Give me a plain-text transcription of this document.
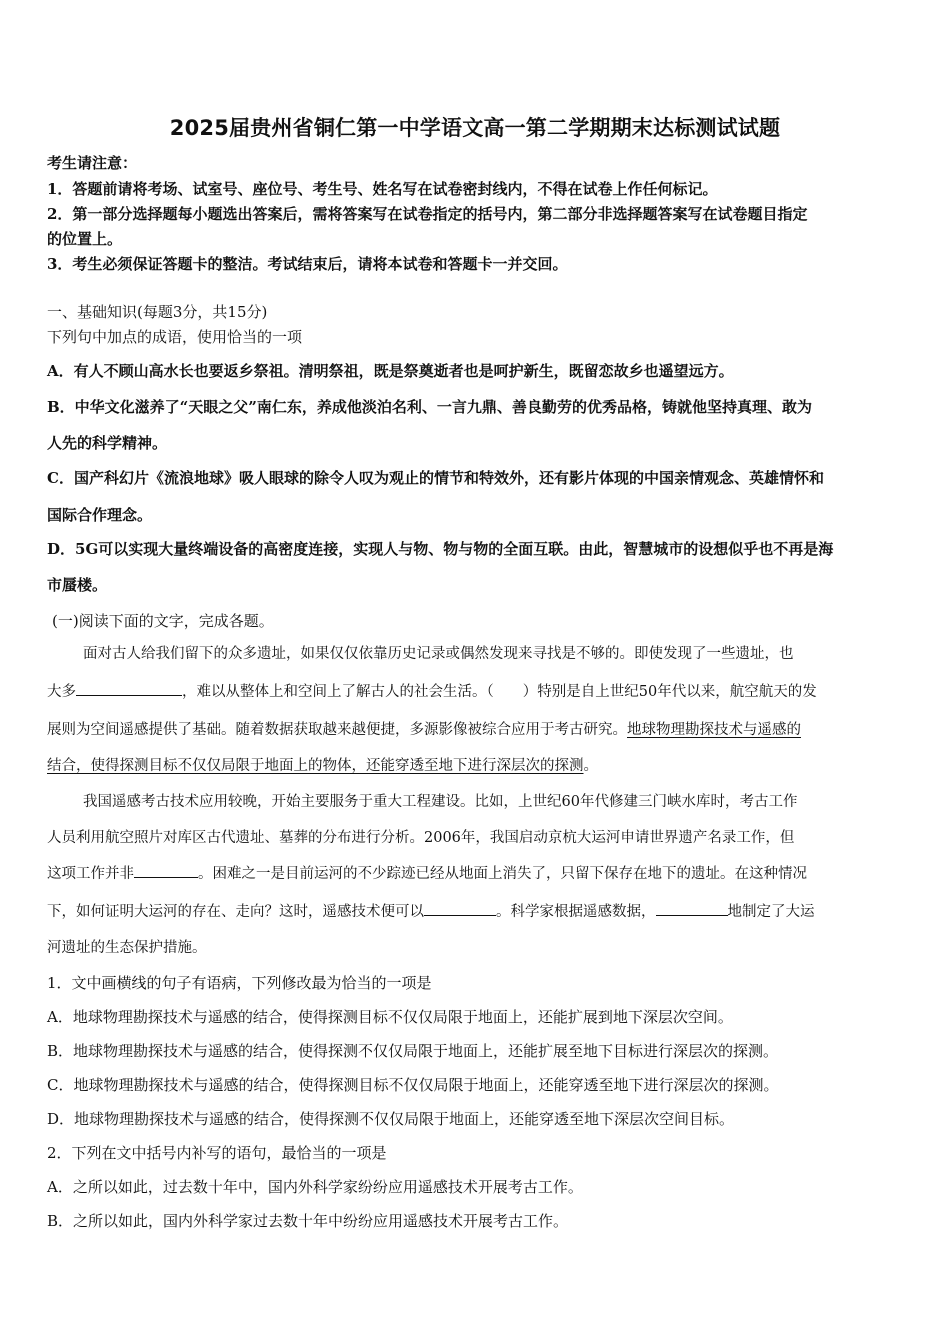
2025届贵州省铜仁第一中学语文高一第二学期期末达标测试试题
考生请注意：
1．答题前请将考场、试室号、座位号、考生号、姓名写在试卷密封线内，不得在试卷上作任何标记。
2．第一部分选择题每小题选出答案后，需将答案写在试卷指定的括号内，第二部分非选择题答案写在试卷题目指定
的位置上。
3．考生必须保证答题卡的整洁。考试结束后，请将本试卷和答题卡一并交回。
一、基础知识(每题3分，共15分)
下列句中加点的成语，使用恰当的一项
A．有人不顾山高水长也要返乡祭祖。清明祭祖，既是祭奠逝者也是呵护新生，既留恋故乡也遥望远方。
B．中华文化滋养了“天眼之父”南仁东，养成他淡泊名利、一言九鼎、善良勤劳的优秀品格，铸就他坚持真理、敢为
人先的科学精神。
C．国产科幻片《流浪地球》吸人眼球的除令人叹为观止的情节和特效外，还有影片体现的中国亲情观念、英雄情怀和
国际合作理念。
D．5G可以实现大量终端设备的高密度连接，实现人与物、物与物的全面互联。由此，智慧城市的设想似乎也不再是海
市蜃楼。
(一)阅读下面的文字，完成各题。
面对古人给我们留下的众多遗址，如果仅仅依靠历史记录或偶然发现来寻找是不够的。即使发现了一些遗址，也
大多	，难以从整体上和空间上了解古人的社会生活。（　　）特别是自上世纪50年代以来，航空航天的发
展则为空间遥感提供了基础。随着数据获取越来越便捷，多源影像被综合应用于考古研究。地球物理勘探技术与遥感的
结合，使得探测目标不仅仅局限于地面上的物体，还能穿透至地下进行深层次的探测。
我国遥感考古技术应用较晚，开始主要服务于重大工程建设。比如，上世纪60年代修建三门峡水库时，考古工作
人员利用航空照片对库区古代遗址、墓葬的分布进行分析。2006年，我国启动京杭大运河申请世界遗产名录工作，但
这项工作并非	。困难之一是目前运河的不少踪迹已经从地面上消失了，只留下保存在地下的遗址。在这种情况
下，如何证明大运河的存在、走向？这时，遥感技术便可以	。科学家根据遥感数据，	地制定了大运
河遗址的生态保护措施。
1．文中画横线的句子有语病，下列修改最为恰当的一项是
A．地球物理勘探技术与遥感的结合，使得探测目标不仅仅局限于地面上，还能扩展到地下深层次空间。
B．地球物理勘探技术与遥感的结合，使得探测不仅仅局限于地面上，还能扩展至地下目标进行深层次的探测。
C．地球物理勘探技术与遥感的结合，使得探测目标不仅仅局限于地面上，还能穿透至地下进行深层次的探测。
D．地球物理勘探技术与遥感的结合，使得探测不仅仅局限于地面上，还能穿透至地下深层次空间目标。
2．下列在文中括号内补写的语句，最恰当的一项是
A．之所以如此，过去数十年中，国内外科学家纷纷应用遥感技术开展考古工作。
B．之所以如此，国内外科学家过去数十年中纷纷应用遥感技术开展考古工作。
